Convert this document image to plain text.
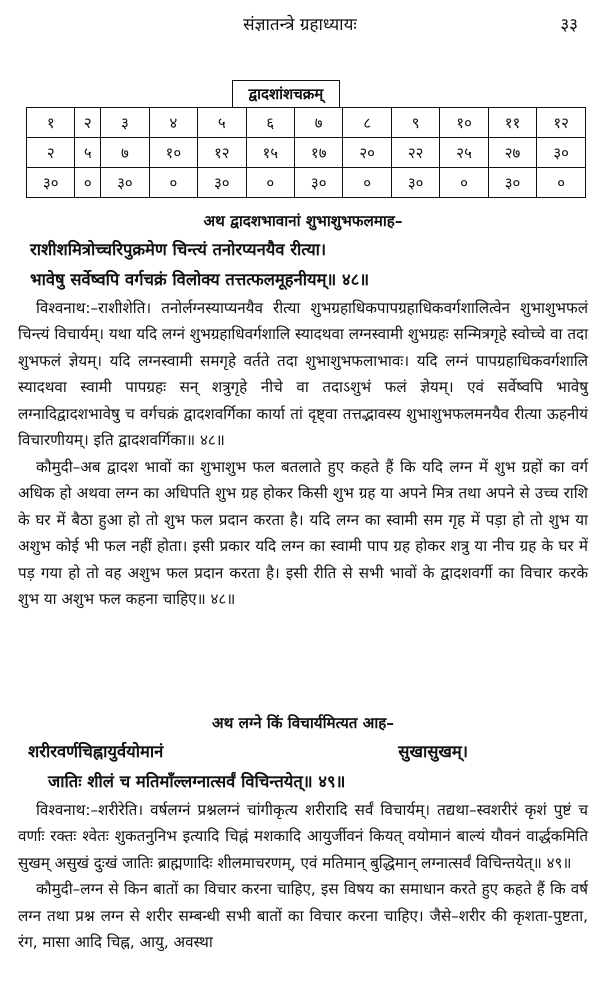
संज्ञातन्त्रे ग्रहाध्यायः	३३
द्वादशांशचक्रम्											
१	२	३	४	५	६	७	८	९	१०	११	१२
२	५	७	१०	१२	१५	१७	२०	२२	२५	२७	३०
३०	०	३०	०	३०	०	३०	०	३०	०	३०	०
अथ द्वादशभावानां शुभाशुभफलमाह–
राशीशमित्रोच्चरिपुक्रमेण चिन्त्यं तनोरप्यनयैव रीत्या।
भावेषु सर्वेष्वपि वर्गचक्रं विलोक्य तत्तत्फलमूहनीयम्॥ ४८॥
विश्वनाथ:–राशीशेति। तनोर्लग्नस्याप्यनयैव रीत्या शुभग्रहाधिकपापग्रहाधिकवर्गशालित्वेन शुभाशुभफलं चिन्त्यं विचार्यम्। यथा यदि लग्नं शुभग्रहाधिवर्गशालि स्यादथवा लग्नस्वामी शुभग्रहः सन्मित्रगृहे स्वोच्चे वा तदा शुभफलं ज्ञेयम्। यदि लग्नस्वामी समगृहे वर्तते तदा शुभाशुभफलाभावः। यदि लग्नं पापग्रहाधिकवर्गशालि स्यादथवा स्वामी पापग्रहः सन् शत्रुगृहे नीचे वा तदाऽशुभं फलं ज्ञेयम्। एवं सर्वेष्वपि भावेषु लग्नादिद्वादशभावेषु च वर्गचक्रं द्वादशवर्गिका कार्या तां दृष्ट्वा तत्तद्भावस्य शुभाशुभफलमनयैव रीत्या ऊहनीयं विचारणीयम्। इति द्वादशवर्गिका॥ ४८॥
कौमुदी–अब द्वादश भावों का शुभाशुभ फल बतलाते हुए कहते हैं कि यदि लग्न में शुभ ग्रहों का वर्ग अधिक हो अथवा लग्न का अधिपति शुभ ग्रह होकर किसी शुभ ग्रह या अपने मित्र तथा अपने से उच्च राशि के घर में बैठा हुआ हो तो शुभ फल प्रदान करता है। यदि लग्न का स्वामी सम गृह में पड़ा हो तो शुभ या अशुभ कोई भी फल नहीं होता। इसी प्रकार यदि लग्न का स्वामी पाप ग्रह होकर शत्रु या नीच ग्रह के घर में पड़ गया हो तो वह अशुभ फल प्रदान करता है। इसी रीति से सभी भावों के द्वादशवर्गी का विचार करके शुभ या अशुभ फल कहना चाहिए॥ ४८॥
अथ लग्ने किं विचार्यमित्यत आह–
शरीरवर्णचिह्नायुर्वयोमानं	सुखासुखम्।
जातिः शीलं च मतिमाँल्लग्नात्सर्वं विचिन्तयेत्॥ ४९॥
विश्वनाथ:–शरीरेति। वर्षलग्नं प्रश्नलग्नं चांगीकृत्य शरीरादि सर्वं विचार्यम्। तद्यथा–स्वशरीरं कृशं पुष्टं च वर्णाः रक्तः श्वेतः शुकतनुनिभ इत्यादि चिह्नं मशकादि आयुर्जीवनं कियत् वयोमानं बाल्यं यौवनं वार्द्धकमिति सुखम् असुखं दुःखं जातिः ब्राह्मणादिः शीलमाचरणम्, एवं मतिमान् बुद्धिमान् लग्नात्सर्वं विचिन्तयेत्॥ ४९॥
कौमुदी–लग्न से किन बातों का विचार करना चाहिए, इस विषय का समाधान करते हुए कहते हैं कि वर्ष लग्न तथा प्रश्न लग्न से शरीर सम्बन्धी सभी बातों का विचार करना चाहिए। जैसे–शरीर की कृशता-पुष्टता, रंग, मासा आदि चिह्न, आयु, अवस्था
